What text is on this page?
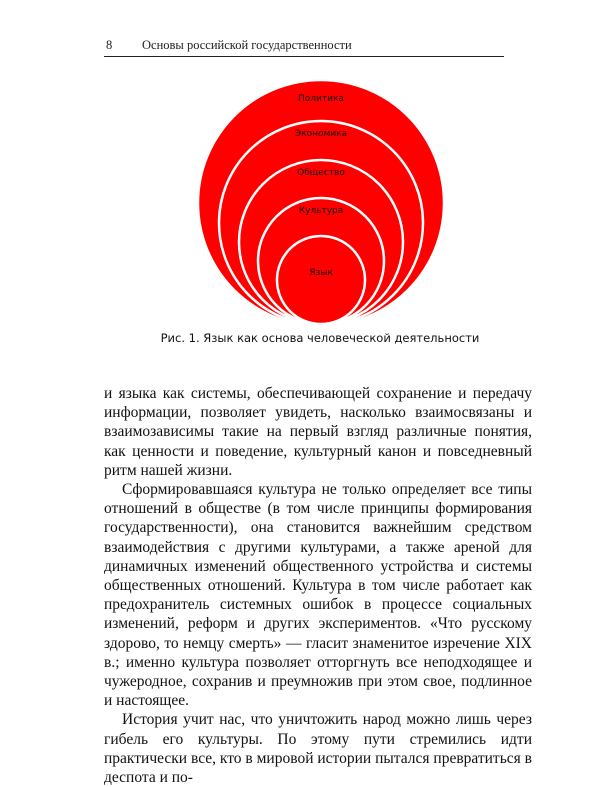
8 Основы российской государственности
Политика
Экономика
Общество
Культура
Язык
Рис. 1. Язык как основа человеческой деятельности

и языка как системы, обеспечивающей сохранение и передачу информации, позволяет увидеть, насколько взаимосвязаны и взаимозависимы такие на первый взгляд различные понятия, как ценности и поведение, культурный канон и повседневный ритм нашей жизни.

Сформировавшаяся культура не только определяет все типы отношений в обществе (в том числе принципы формирования государственности), она становится важнейшим средством взаимодействия с другими культурами, а также ареной для динамичных изменений общественного устройства и системы общественных отношений. Культура в том числе работает как предохранитель системных ошибок в процессе социальных изменений, реформ и других экспериментов. «Что русскому здорово, то немцу смерть» — гласит знаменитое изречение XIX в.; именно культура позволяет отторгнуть все неподходящее и чужеродное, сохранив и преумножив при этом свое, подлинное и настоящее.

История учит нас, что уничтожить народ можно лишь через гибель его культуры. По этому пути стремились идти практически все, кто в мировой истории пытался превратиться в деспота и по-
